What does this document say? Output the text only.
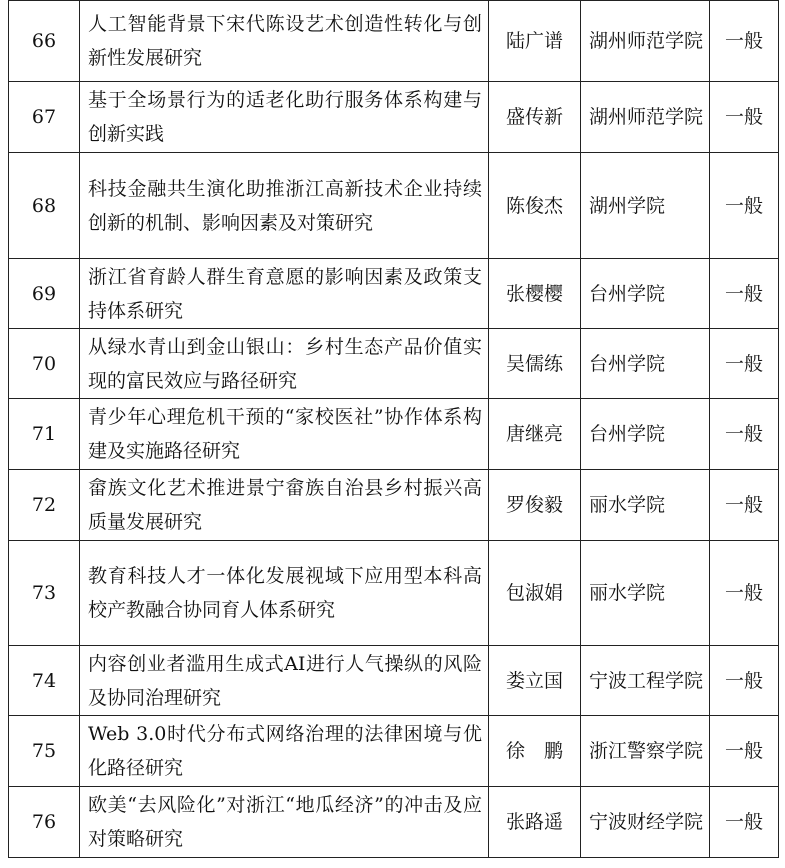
66	人工智能背景下宋代陈设艺术创造性转化与创新性发展研究	陆广谱	湖州师范学院	一般
67	基于全场景行为的适老化助行服务体系构建与创新实践	盛传新	湖州师范学院	一般
68	科技金融共生演化助推浙江高新技术企业持续创新的机制、影响因素及对策研究	陈俊杰	湖州学院	一般
69	浙江省育龄人群生育意愿的影响因素及政策支持体系研究	张樱樱	台州学院	一般
70	从绿水青山到金山银山：乡村生态产品价值实现的富民效应与路径研究	吴儒练	台州学院	一般
71	青少年心理危机干预的“家校医社”协作体系构建及实施路径研究	唐继亮	台州学院	一般
72	畲族文化艺术推进景宁畲族自治县乡村振兴高质量发展研究	罗俊毅	丽水学院	一般
73	教育科技人才一体化发展视域下应用型本科高校产教融合协同育人体系研究	包淑娟	丽水学院	一般
74	内容创业者滥用生成式AI进行人气操纵的风险及协同治理研究	娄立国	宁波工程学院	一般
75	Web 3.0时代分布式网络治理的法律困境与优化路径研究	徐　鹏	浙江警察学院	一般
76	欧美“去风险化”对浙江“地瓜经济”的冲击及应对策略研究	张路遥	宁波财经学院	一般
